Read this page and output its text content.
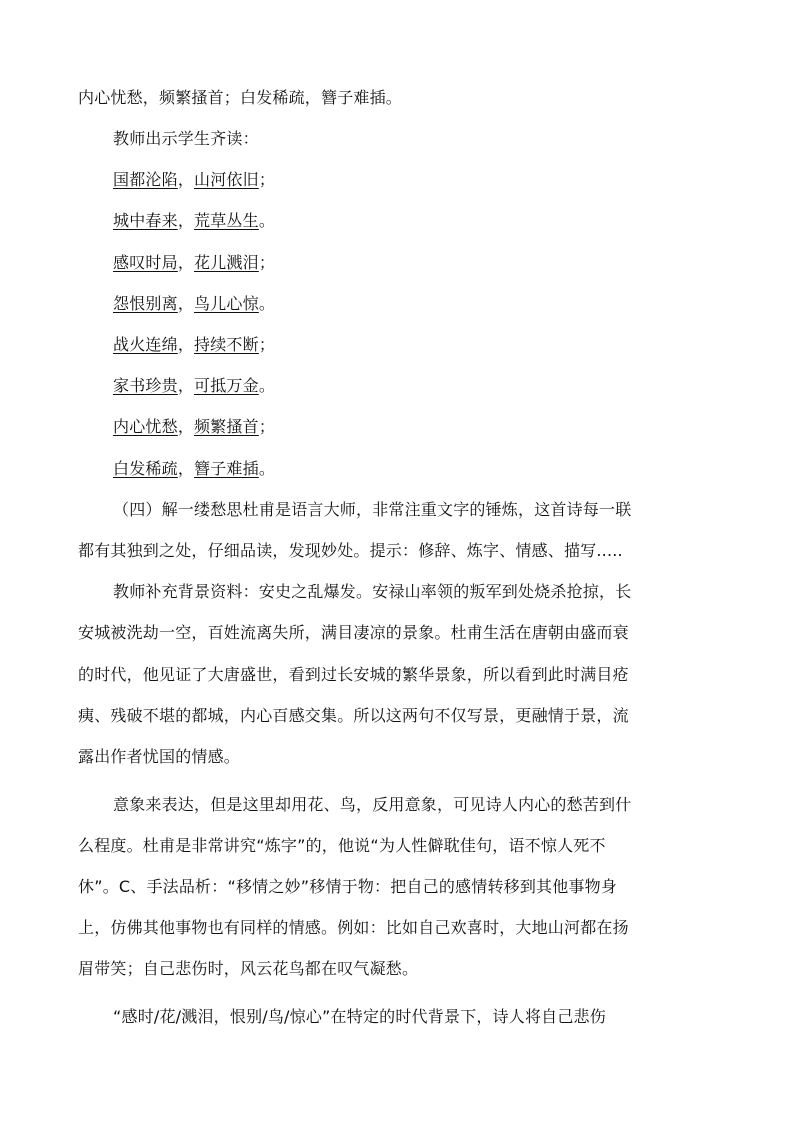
内心忧愁，频繁搔首；白发稀疏，簪子难插。
教师出示学生齐读：
国都沦陷，山河依旧；
城中春来，荒草丛生。
感叹时局，花儿溅泪；
怨恨别离，鸟儿心惊。
战火连绵，持续不断；
家书珍贵，可抵万金。
内心忧愁，频繁搔首；
白发稀疏，簪子难插。
（四）解一缕愁思杜甫是语言大师，非常注重文字的锤炼，这首诗每一联
都有其独到之处，仔细品读，发现妙处。提示：修辞、炼字、情感、描写.....
教师补充背景资料：安史之乱爆发。安禄山率领的叛军到处烧杀抢掠，长
安城被洗劫一空，百姓流离失所，满目凄凉的景象。杜甫生活在唐朝由盛而衰
的时代，他见证了大唐盛世，看到过长安城的繁华景象，所以看到此时满目疮
痍、残破不堪的都城，内心百感交集。所以这两句不仅写景，更融情于景，流
露出作者忧国的情感。
意象来表达，但是这里却用花、鸟，反用意象，可见诗人内心的愁苦到什
么程度。杜甫是非常讲究“炼字”的，他说“为人性僻耽佳句，语不惊人死不
休”。C、手法品析：“移情之妙”移情于物：把自己的感情转移到其他事物身
上，仿佛其他事物也有同样的情感。例如：比如自己欢喜时，大地山河都在扬
眉带笑；自己悲伤时，风云花鸟都在叹气凝愁。
“感时/花/溅泪，恨别/鸟/惊心”在特定的时代背景下，诗人将自己悲伤
